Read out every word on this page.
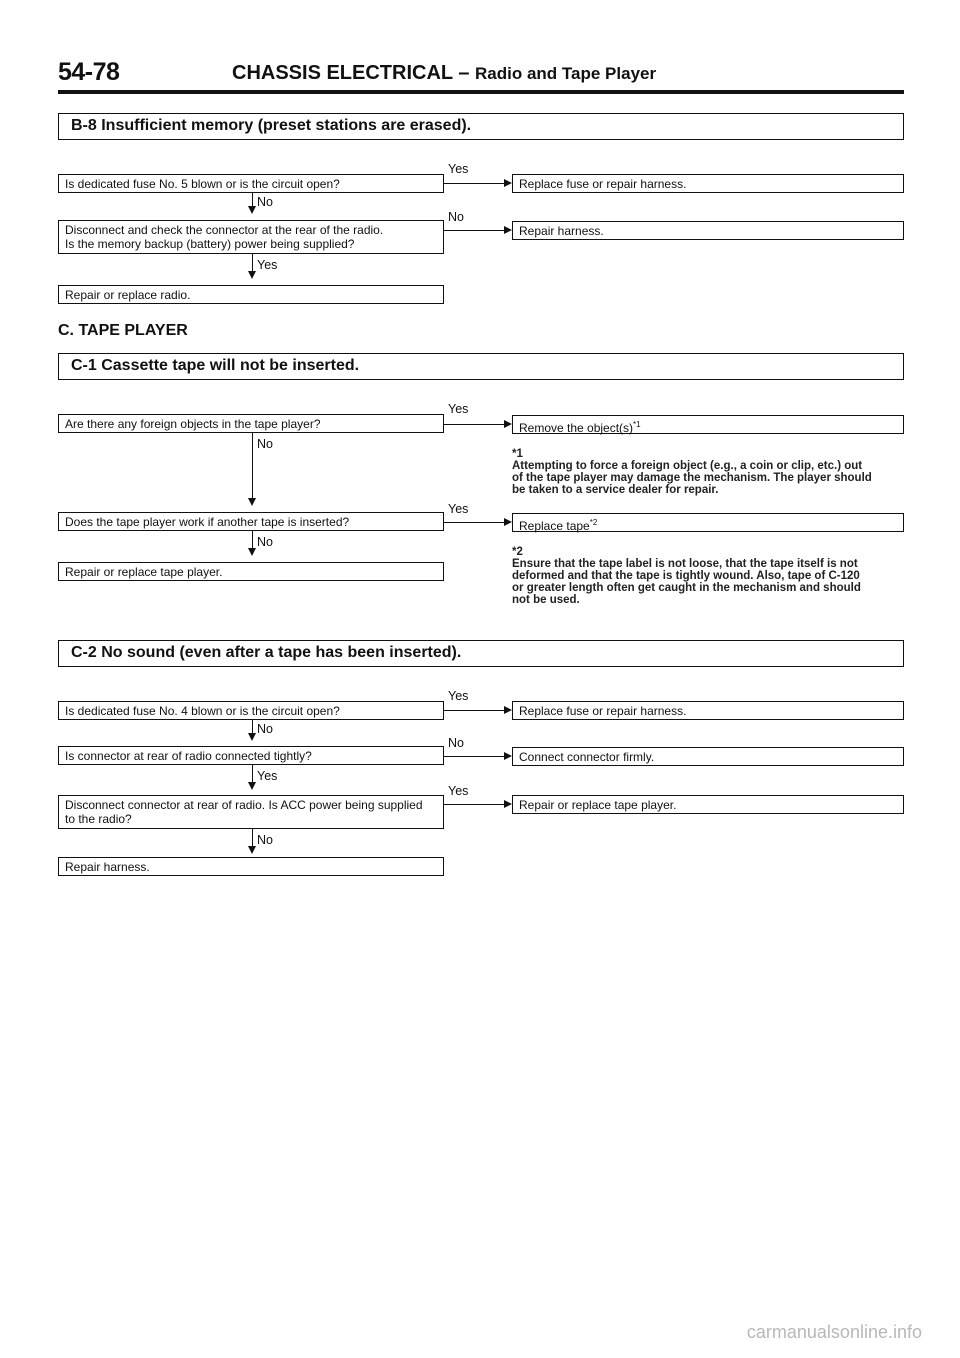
54-78	CHASSIS ELECTRICAL – Radio and Tape Player
B-8 Insufficient memory (preset stations are erased).
Is dedicated fuse No. 5 blown or is the circuit open?
Yes
Replace fuse or repair harness.
No
Disconnect and check the connector at the rear of the radio.
Is the memory backup (battery) power being supplied?
No
Repair harness.
Yes
Repair or replace radio.
C. TAPE PLAYER
C-1 Cassette tape will not be inserted.
Are there any foreign objects in the tape player?
Yes
Remove the $object(s)^{*1}$
No
*1
Attempting to force a foreign object (e.g., a coin or clip, etc.) out
of the tape player may damage the mechanism. The player should
be taken to a service dealer for repair.
Does the tape player work if another tape is inserted?
Yes
Replace tape$^{*2}$
No
Repair or replace tape player.
*2
Ensure that the tape label is not loose, that the tape itself is not
deformed and that the tape is tightly wound. Also, tape of C-120
or greater length often get caught in the mechanism and should
not be used.
C-2 No sound (even after a tape has been inserted).
Is dedicated fuse No. 4 blown or is the circuit open?
Yes
Replace fuse or repair harness.
No
Is connector at rear of radio connected tightly?
No
Connect connector firmly.
Yes
Disconnect connector at rear of radio. Is ACC power being supplied
to the radio?
Yes
Repair or replace tape player.
No
Repair harness.
carmanualsonline.info
